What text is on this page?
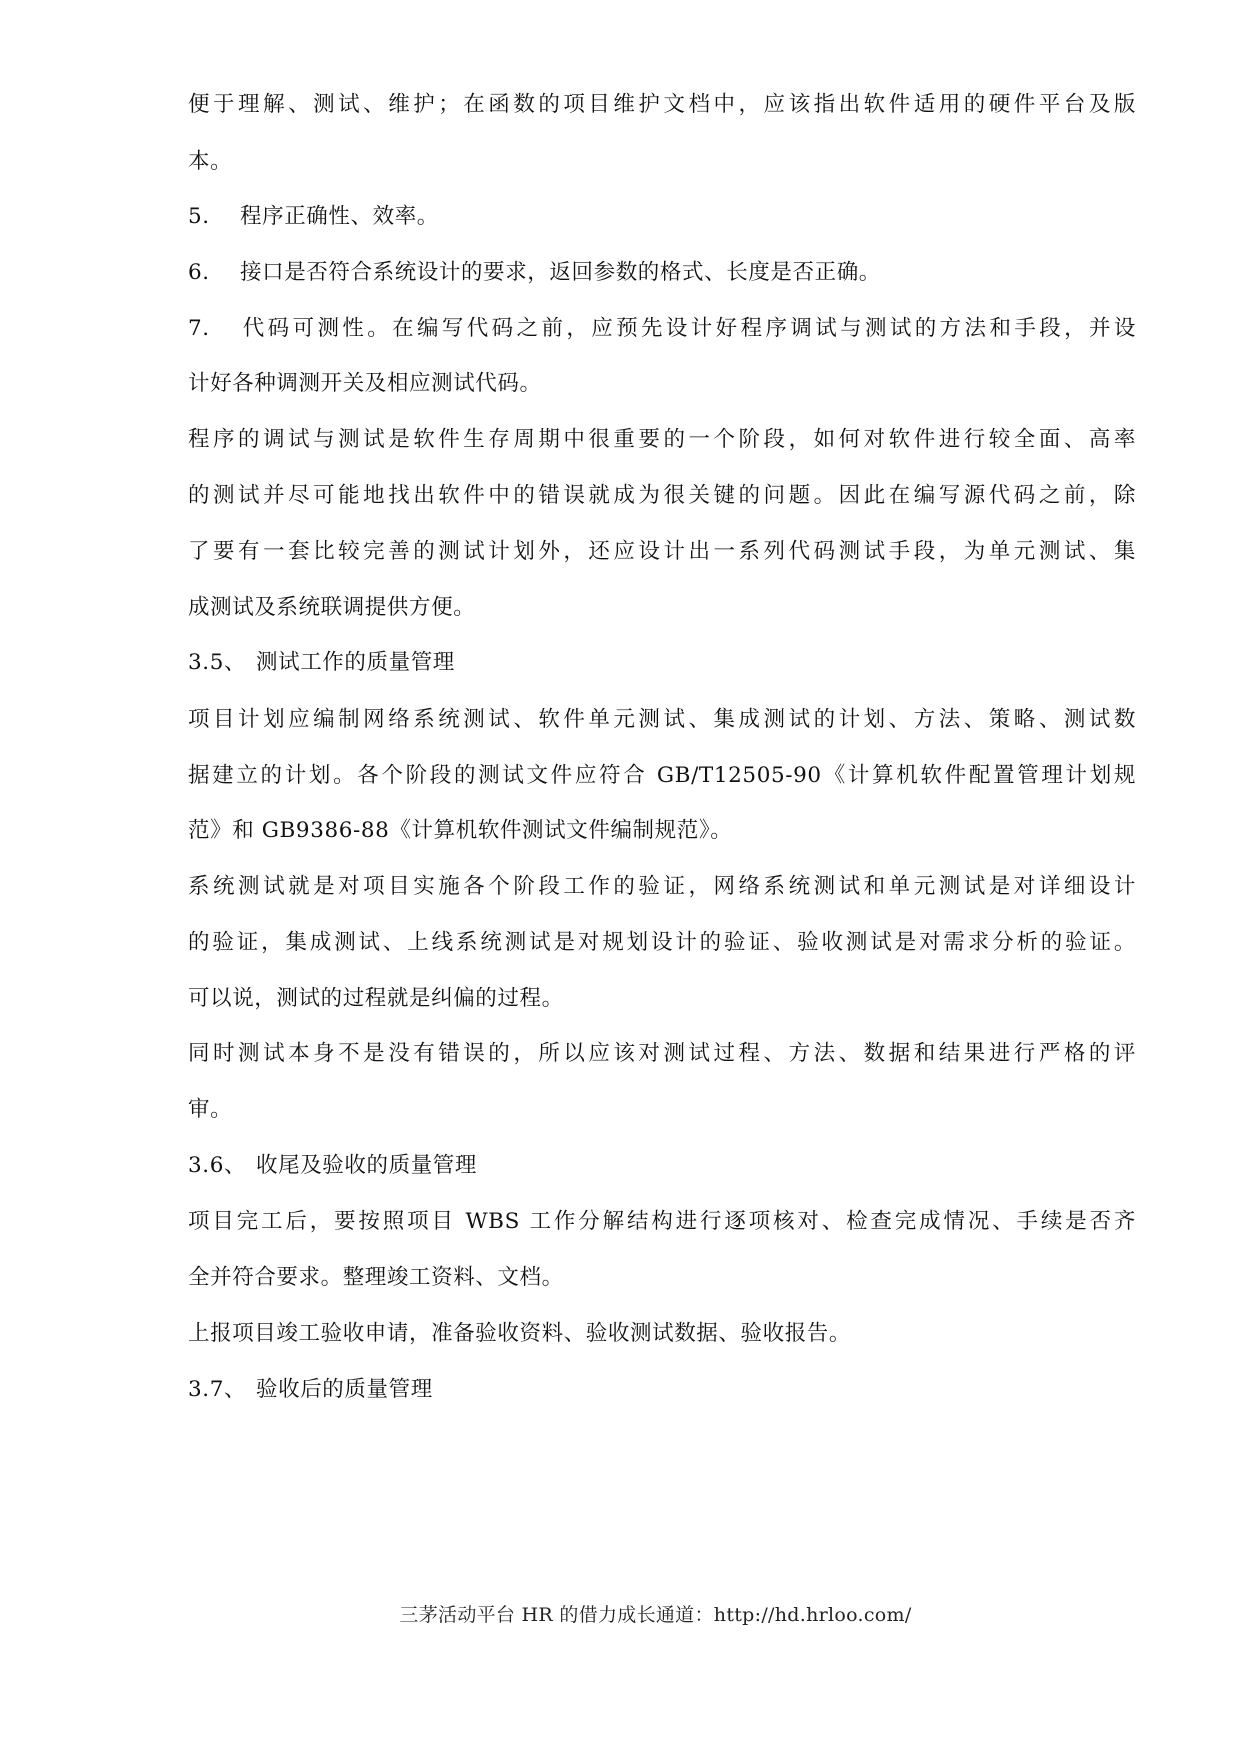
便于理解、测试、维护；在函数的项目维护文档中，应该指出软件适用的硬件平台及版
本。
5. 程序正确性、效率。
6. 接口是否符合系统设计的要求，返回参数的格式、长度是否正确。
7. 代码可测性。在编写代码之前，应预先设计好程序调试与测试的方法和手段，并设
计好各种调测开关及相应测试代码。
程序的调试与测试是软件生存周期中很重要的一个阶段，如何对软件进行较全面、高率
的测试并尽可能地找出软件中的错误就成为很关键的问题。因此在编写源代码之前，除
了要有一套比较完善的测试计划外，还应设计出一系列代码测试手段，为单元测试、集
成测试及系统联调提供方便。
3.5、 测试工作的质量管理
项目计划应编制网络系统测试、软件单元测试、集成测试的计划、方法、策略、测试数
据建立的计划。各个阶段的测试文件应符合 GB/T12505-90《计算机软件配置管理计划规
范》和 GB9386-88《计算机软件测试文件编制规范》。
系统测试就是对项目实施各个阶段工作的验证，网络系统测试和单元测试是对详细设计
的验证，集成测试、上线系统测试是对规划设计的验证、验收测试是对需求分析的验证。
可以说，测试的过程就是纠偏的过程。
同时测试本身不是没有错误的，所以应该对测试过程、方法、数据和结果进行严格的评
审。
3.6、 收尾及验收的质量管理
项目完工后，要按照项目 WBS 工作分解结构进行逐项核对、检查完成情况、手续是否齐
全并符合要求。整理竣工资料、文档。
上报项目竣工验收申请，准备验收资料、验收测试数据、验收报告。
3.7、 验收后的质量管理
三茅活动平台 HR 的借力成长通道：http://hd.hrloo.com/
